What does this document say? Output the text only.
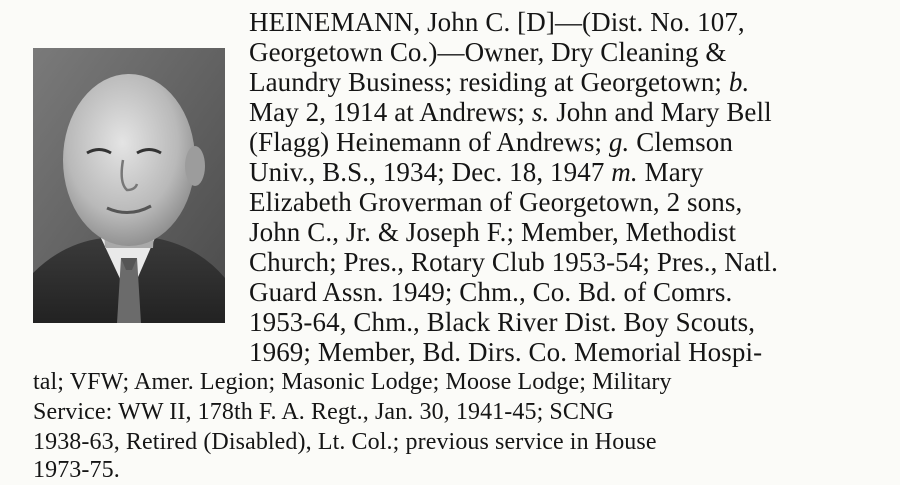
HEINEMANN, John C. [D]—(Dist. No. 107,
Georgetown Co.)—Owner, Dry Cleaning &
Laundry Business; residing at Georgetown; b.
May 2, 1914 at Andrews; s. John and Mary Bell
(Flagg) Heinemann of Andrews; g. Clemson
Univ., B.S., 1934; Dec. 18, 1947 m. Mary
Elizabeth Groverman of Georgetown, 2 sons,
John C., Jr. & Joseph F.; Member, Methodist
Church; Pres., Rotary Club 1953-54; Pres., Natl.
Guard Assn. 1949; Chm., Co. Bd. of Comrs.
1953-64, Chm., Black River Dist. Boy Scouts,
1969; Member, Bd. Dirs. Co. Memorial Hospi-
tal; VFW; Amer. Legion; Masonic Lodge; Moose Lodge; Military
Service: WW II, 178th F. A. Regt., Jan. 30, 1941-45; SCNG
1938-63, Retired (Disabled), Lt. Col.; previous service in House
1973-75.
